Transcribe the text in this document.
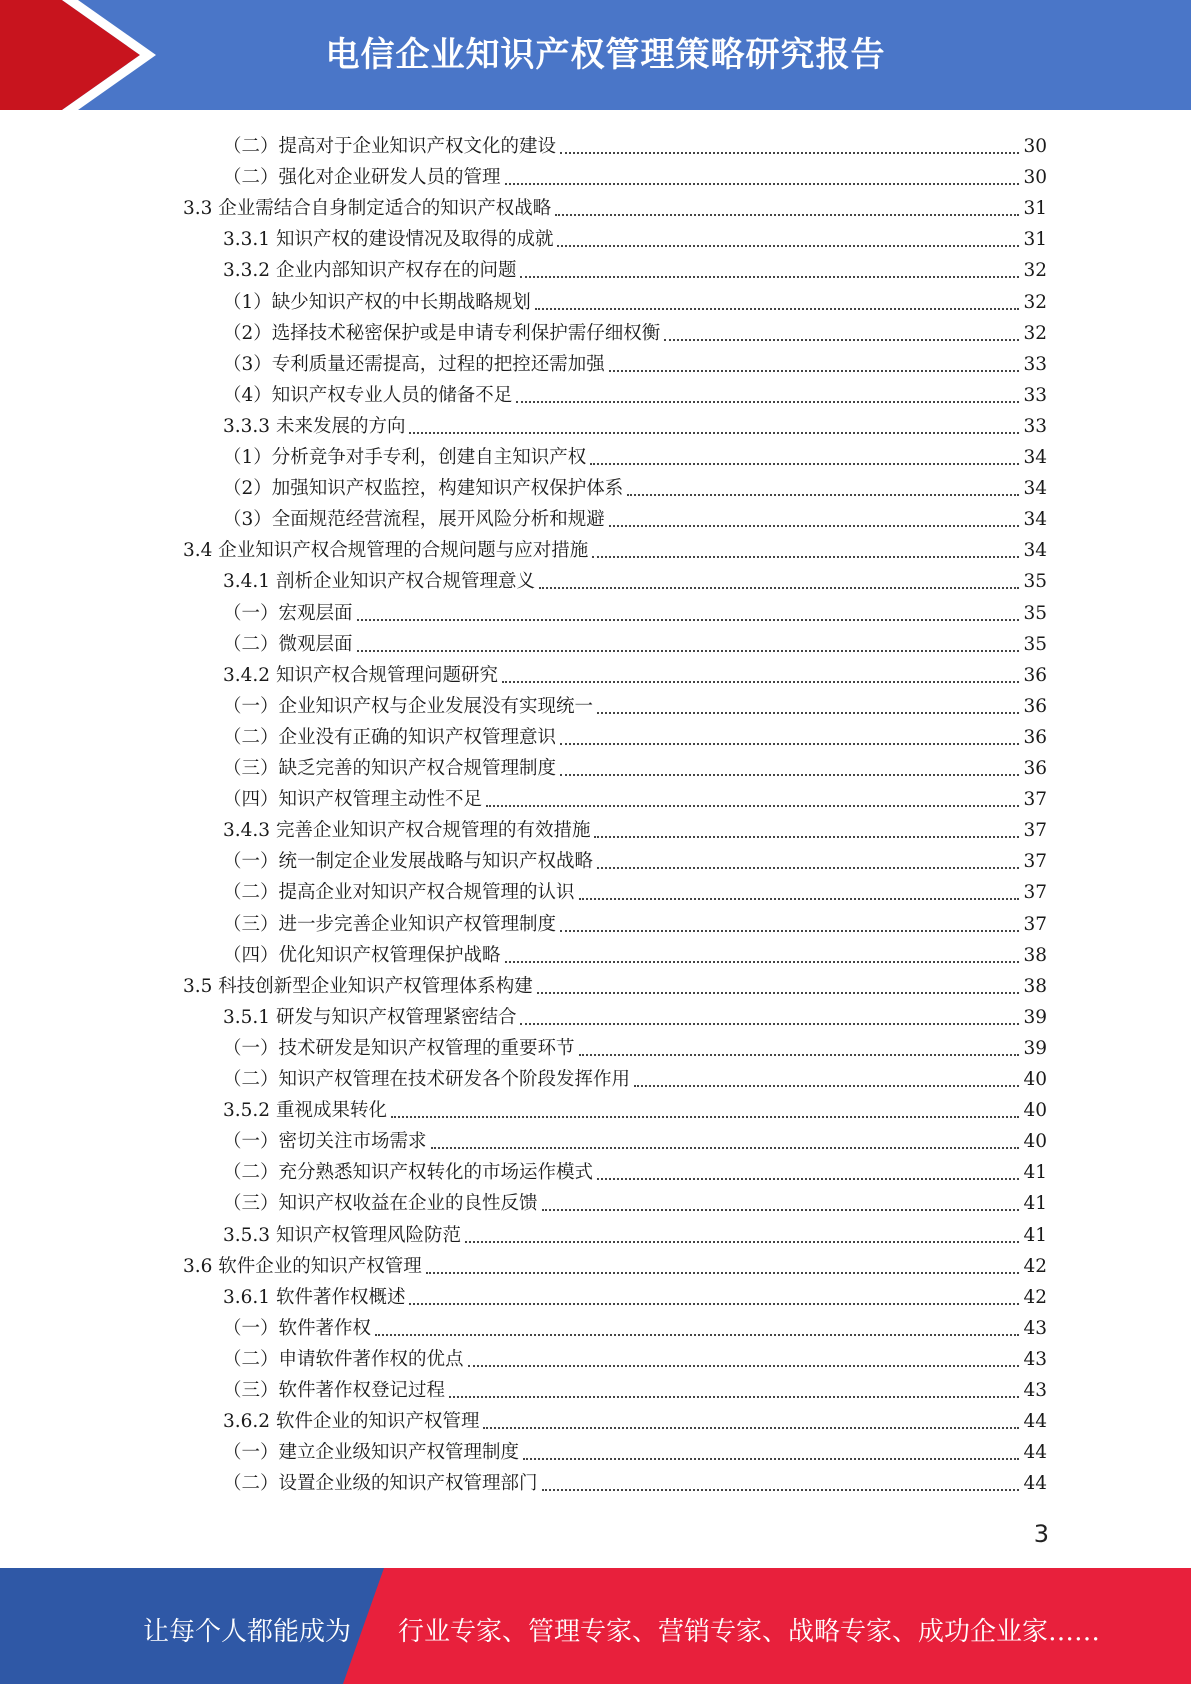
电信企业知识产权管理策略研究报告
（二）提高对于企业知识产权文化的建设	30
（二）强化对企业研发人员的管理	30
3.3 企业需结合自身制定适合的知识产权战略	31
3.3.1 知识产权的建设情况及取得的成就	31
3.3.2 企业内部知识产权存在的问题	32
（1）缺少知识产权的中长期战略规划	32
（2）选择技术秘密保护或是申请专利保护需仔细权衡	32
（3）专利质量还需提高，过程的把控还需加强	33
（4）知识产权专业人员的储备不足	33
3.3.3 未来发展的方向	33
（1）分析竞争对手专利，创建自主知识产权	34
（2）加强知识产权监控，构建知识产权保护体系	34
（3）全面规范经营流程，展开风险分析和规避	34
3.4 企业知识产权合规管理的合规问题与应对措施	34
3.4.1 剖析企业知识产权合规管理意义	35
（一）宏观层面	35
（二）微观层面	35
3.4.2 知识产权合规管理问题研究	36
（一）企业知识产权与企业发展没有实现统一	36
（二）企业没有正确的知识产权管理意识	36
（三）缺乏完善的知识产权合规管理制度	36
（四）知识产权管理主动性不足	37
3.4.3 完善企业知识产权合规管理的有效措施	37
（一）统一制定企业发展战略与知识产权战略	37
（二）提高企业对知识产权合规管理的认识	37
（三）进一步完善企业知识产权管理制度	37
（四）优化知识产权管理保护战略	38
3.5 科技创新型企业知识产权管理体系构建	38
3.5.1 研发与知识产权管理紧密结合	39
（一）技术研发是知识产权管理的重要环节	39
（二）知识产权管理在技术研发各个阶段发挥作用	40
3.5.2 重视成果转化	40
（一）密切关注市场需求	40
（二）充分熟悉知识产权转化的市场运作模式	41
（三）知识产权收益在企业的良性反馈	41
3.5.3 知识产权管理风险防范	41
3.6 软件企业的知识产权管理	42
3.6.1 软件著作权概述	42
（一）软件著作权	43
（二）申请软件著作权的优点	43
（三）软件著作权登记过程	43
3.6.2 软件企业的知识产权管理	44
（一）建立企业级知识产权管理制度	44
（二）设置企业级的知识产权管理部门	44
3
让每个人都能成为 行业专家、管理专家、营销专家、战略专家、成功企业家……
